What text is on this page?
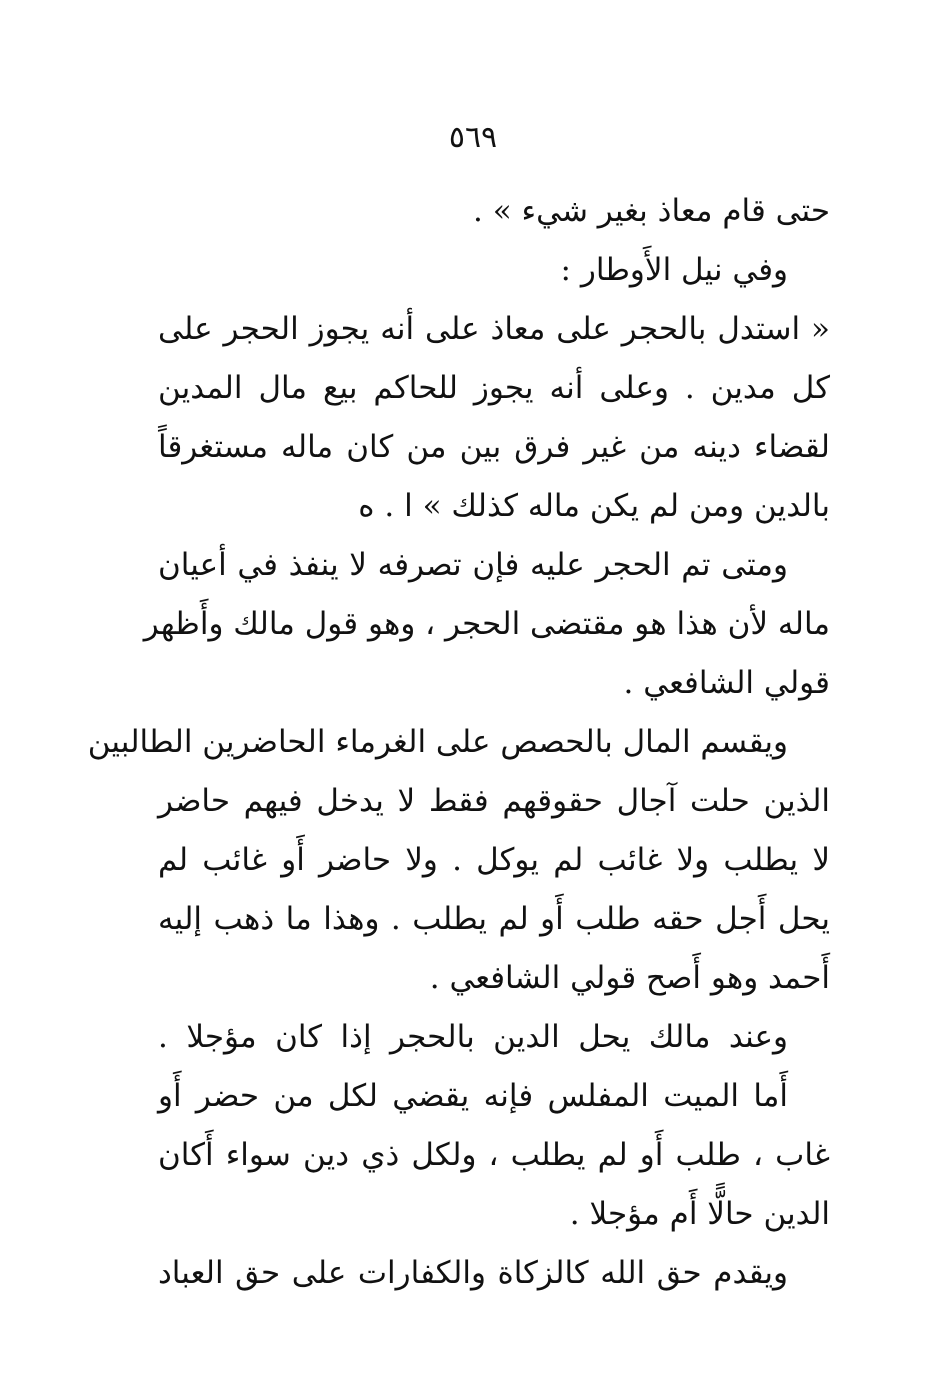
٥٦٩
حتى قام معاذ بغير شيء » .
وفي نيل الأَوطار :
« استدل بالحجر على معاذ على أنه يجوز الحجر على
كل مدين . وعلى أنه يجوز للحاكم بيع مال المدين
لقضاء دينه من غير فرق بين من كان ماله مستغرقاً
بالدين ومن لم يكن ماله كذلك » ا . ه
ومتى تم الحجر عليه فإن تصرفه لا ينفذ في أعيان
ماله لأن هذا هو مقتضى الحجر ، وهو قول مالك وأَظهر
قولي الشافعي .
ويقسم المال بالحصص على الغرماء الحاضرين الطالبين
الذين حلت آجال حقوقهم فقط لا يدخل فيهم حاضر
لا يطلب ولا غائب لم يوكل . ولا حاضر أَو غائب لم
يحل أَجل حقه طلب أَو لم يطلب . وهذا ما ذهب إليه
أَحمد وهو أَصح قولي الشافعي .
وعند مالك يحل الدين بالحجر إذا كان مؤجلا .
أَما الميت المفلس فإنه يقضي لكل من حضر أَو
غاب ، طلب أَو لم يطلب ، ولكل ذي دين سواء أَكان
الدين حالًّا أَم مؤجلا .
ويقدم حق الله كالزكاة والكفارات على حق العباد
